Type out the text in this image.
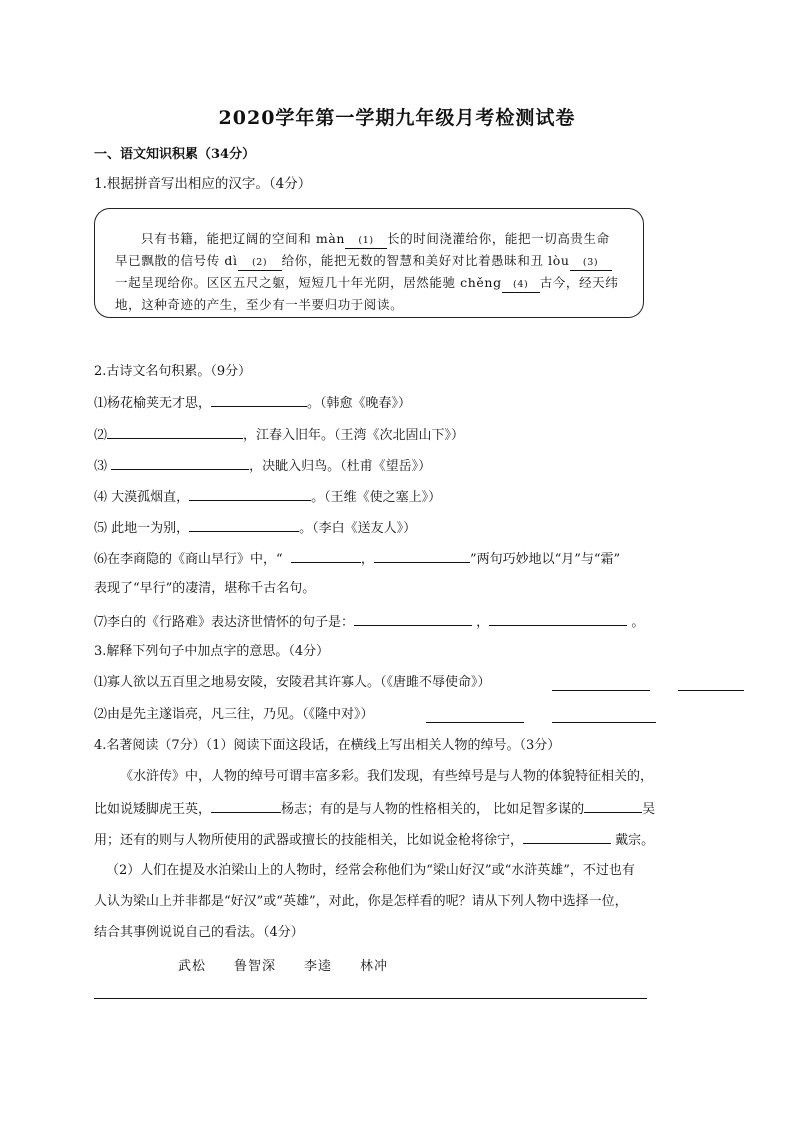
2020学年第一学期九年级月考检测试卷
一、语文知识积累（34分）
1.根据拼音写出相应的汉字。（4分）
只有书籍，能把辽阔的空间和 màn (1) 长的时间浇灌给你，能把一切高贵生命
早已飘散的信号传 dì (2) 给你，能把无数的智慧和美好对比着愚昧和丑 lòu (3)
一起呈现给你。区区五尺之躯，短短几十年光阴，居然能驰 chěng (4) 古今，经天纬
地，这种奇迹的产生，至少有一半要归功于阅读。
2.古诗文名句积累。（9分）
⑴杨花榆荚无才思，	。（韩愈《晚春》）
⑵	，江春入旧年。（王湾《次北固山下》）
⑶	，决眦入归鸟。（杜甫《望岳》）
⑷ 大漠孤烟直，	。（王维《使之塞上》）
⑸ 此地一为别，	。（李白《送友人》）
⑹在李商隐的《商山早行》中，“	，	”两句巧妙地以“月”与“霜”
表现了“早行”的凄清，堪称千古名句。
⑺李白的《行路难》表达济世情怀的句子是：	，	。
3.解释下列句子中加点字的意思。（4分）
⑴寡人欲以五百里之地易安陵，安陵君其许寡人。（《唐雎不辱使命》）
⑵由是先主遂诣亮，凡三往，乃见。（《隆中对》）
4.名著阅读（7分）（1）阅读下面这段话，在横线上写出相关人物的绰号。（3分）
《水浒传》中，人物的绰号可谓丰富多彩。我们发现，有些绰号是与人物的体貌特征相关的，
比如说矮脚虎王英，	杨志；有的是与人物的性格相关的， 比如足智多谋的	吴
用；还有的则与人物所使用的武器或擅长的技能相关，比如说金枪将徐宁，	戴宗。
（2）人们在提及水泊梁山上的人物时，经常会称他们为“梁山好汉”或“水浒英雄”，不过也有
人认为梁山上并非都是“好汉”或“英雄”，对此，你是怎样看的呢？请从下列人物中选择一位，
结合其事例说说自己的看法。（4分）
武松 鲁智深 李逵 林冲
